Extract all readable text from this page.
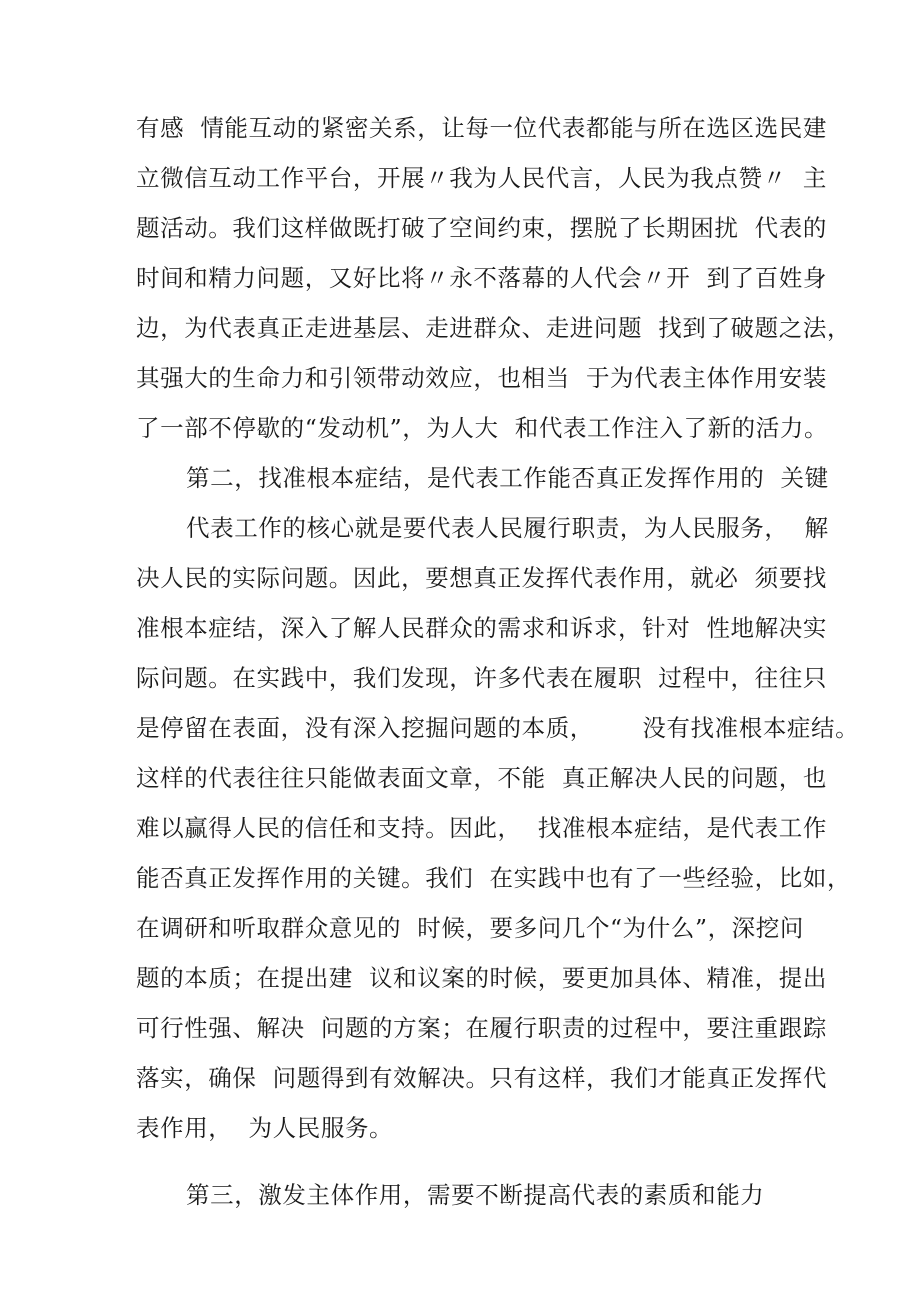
有感  情能互动的紧密关系，让每一位代表都能与所在选区选民建
立微信互动工作平台，开展〃我为人民代言，人民为我点赞〃  主
题活动。我们这样做既打破了空间约束，摆脱了长期困扰  代表的
时间和精力问题，又好比将〃永不落幕的人代会〃开  到了百姓身
边，为代表真正走进基层、走进群众、走进问题  找到了破题之法，
其强大的生命力和引领带动效应，也相当  于为代表主体作用安装
了一部不停歇的“发动机”，为人大  和代表工作注入了新的活力。
第二，找准根本症结，是代表工作能否真正发挥作用的  关键
代表工作的核心就是要代表人民履行职责，为人民服务，  解
决人民的实际问题。因此，要想真正发挥代表作用，就必  须要找
准根本症结，深入了解人民群众的需求和诉求，针对  性地解决实
际问题。在实践中，我们发现，许多代表在履职  过程中，往往只
是停留在表面，没有深入挖掘问题的本质，      没有找准根本症结。
这样的代表往往只能做表面文章，不能  真正解决人民的问题，也
难以赢得人民的信任和支持。因此，  找准根本症结，是代表工作
能否真正发挥作用的关键。我们  在实践中也有了一些经验，比如，
在调研和听取群众意见的  时候，要多问几个“为什么”，深挖问
题的本质；在提出建  议和议案的时候，要更加具体、精准，提出
可行性强、解决  问题的方案；在履行职责的过程中，要注重跟踪
落实，确保  问题得到有效解决。只有这样，我们才能真正发挥代
表作用，  为人民服务。
第三，激发主体作用，需要不断提高代表的素质和能力
